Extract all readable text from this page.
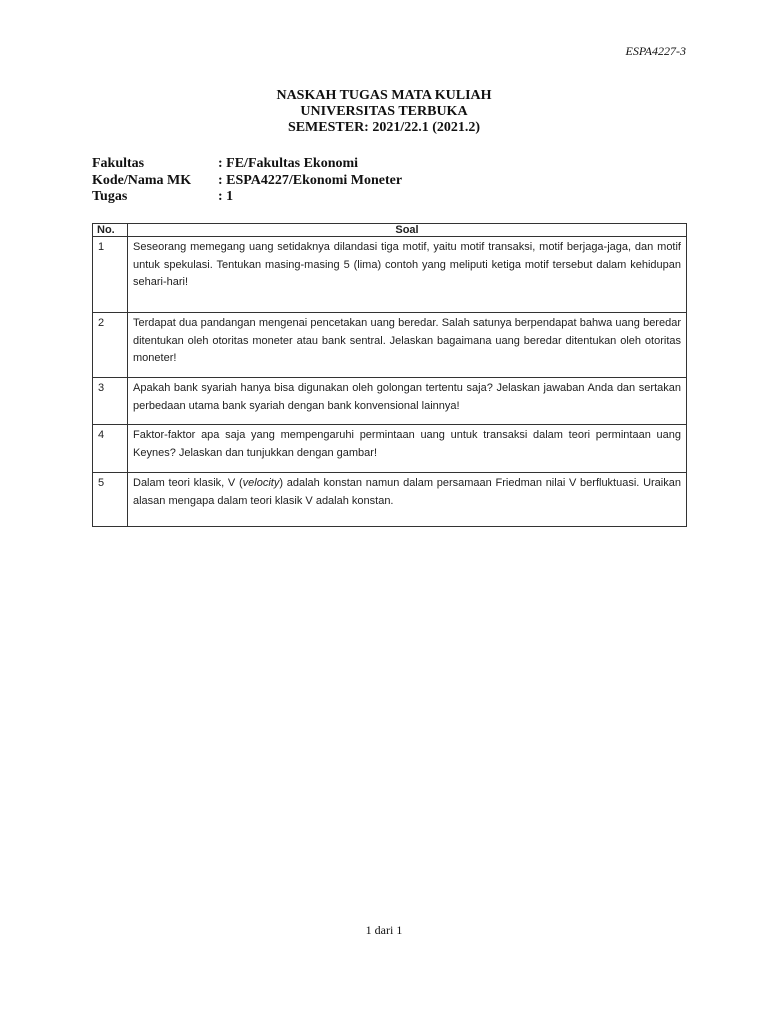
ESPA4227-3
NASKAH TUGAS MATA KULIAH
UNIVERSITAS TERBUKA
SEMESTER: 2021/22.1 (2021.2)
Fakultas	: FE/Fakultas Ekonomi
Kode/Nama MK	: ESPA4227/Ekonomi Moneter
Tugas	: 1
No.	Soal
1	Seseorang memegang uang setidaknya dilandasi tiga motif, yaitu motif transaksi, motif berjaga-jaga, dan motif untuk spekulasi. Tentukan masing-masing 5 (lima) contoh yang meliputi ketiga motif tersebut dalam kehidupan sehari-hari!
2	Terdapat dua pandangan mengenai pencetakan uang beredar. Salah satunya berpendapat bahwa uang beredar ditentukan oleh otoritas moneter atau bank sentral. Jelaskan bagaimana uang beredar ditentukan oleh otoritas moneter!
3	Apakah bank syariah hanya bisa digunakan oleh golongan tertentu saja? Jelaskan jawaban Anda dan sertakan perbedaan utama bank syariah dengan bank konvensional lainnya!
4	Faktor-faktor apa saja yang mempengaruhi permintaan uang untuk transaksi dalam teori permintaan uang Keynes? Jelaskan dan tunjukkan dengan gambar!
5	Dalam teori klasik, V (velocity) adalah konstan namun dalam persamaan Friedman nilai V berfluktuasi. Uraikan alasan mengapa dalam teori klasik V adalah konstan.
1 dari 1
